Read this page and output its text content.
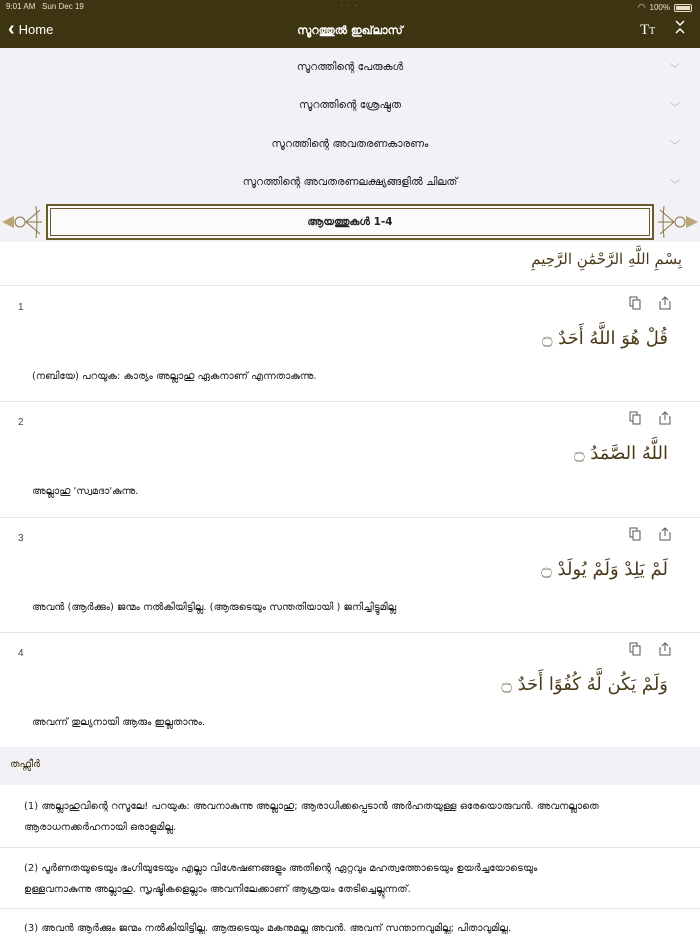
9:01 AM Sun Dec 19	· · ·	◠ 100%
‹ Home	സൂറത്തുൽ ഇഖ്‌ലാസ്	TT
സൂറത്തിന്റെ പേരുകൾ	﹀
സൂറത്തിന്റെ ശ്രേഷ്ഠത	﹀
സൂറത്തിന്റെ അവതരണകാരണം	﹀
സൂറത്തിന്റെ അവതരണലക്ഷ്യങ്ങളിൽ ചിലത്	﹀
ആയത്തുകൾ 1-4
بِسْمِ اللَّهِ الرَّحْمَٰنِ الرَّحِيمِ
1
قُلْ هُوَ اللَّهُ أَحَدٌ ۝
(നബിയേ) പറയുക: കാര്യം അല്ലാഹു ഏകനാണ് എന്നതാകുന്നു.
2
اللَّهُ الصَّمَدُ ۝
അല്ലാഹു 'സ്വമദാ'കുന്നു.
3
لَمْ يَلِدْ وَلَمْ يُولَدْ ۝
അവൻ (ആർക്കും) ജന്മം നൽകിയിട്ടില്ല. (ആരുടെയും സന്തതിയായി ) ജനിച്ചിട്ടുമില്ല
4
وَلَمْ يَكُن لَّهُ كُفُوًا أَحَدٌ ۝
അവന്ന് തുല്യനായി ആരും ഇല്ലതാനും.
തഫ്സീർ
(1) അല്ലാഹുവിന്റെ റസൂലേ! പറയുക: അവനാകുന്നു അല്ലാഹു; ആരാധിക്കപ്പെടാൻ അർഹതയുള്ള ഒരേയൊരുവൻ. അവനല്ലാതെ
ആരാധനക്കർഹനായി ഒരാളുമില്ല.
(2) പൂർണതയുടെയും ഭംഗിയുടേയും എല്ലാ വിശേഷണങ്ങളും അതിന്റെ ഏറ്റവും മഹത്വത്തോടെയും ഉയർച്ചയോടെയും
ഉള്ളവനാകുന്നു അല്ലാഹു. സൃഷ്ടികളെല്ലാം അവനിലേക്കാണ് ആശ്രയം തേടിച്ചെല്ലുന്നത്.
(3) അവൻ ആർക്കും ജന്മം നൽകിയിട്ടില്ല. ആരുടെയും മകനുമല്ല അവൻ. അവന് സന്താനവുമില്ല; പിതാവുമില്ല.
